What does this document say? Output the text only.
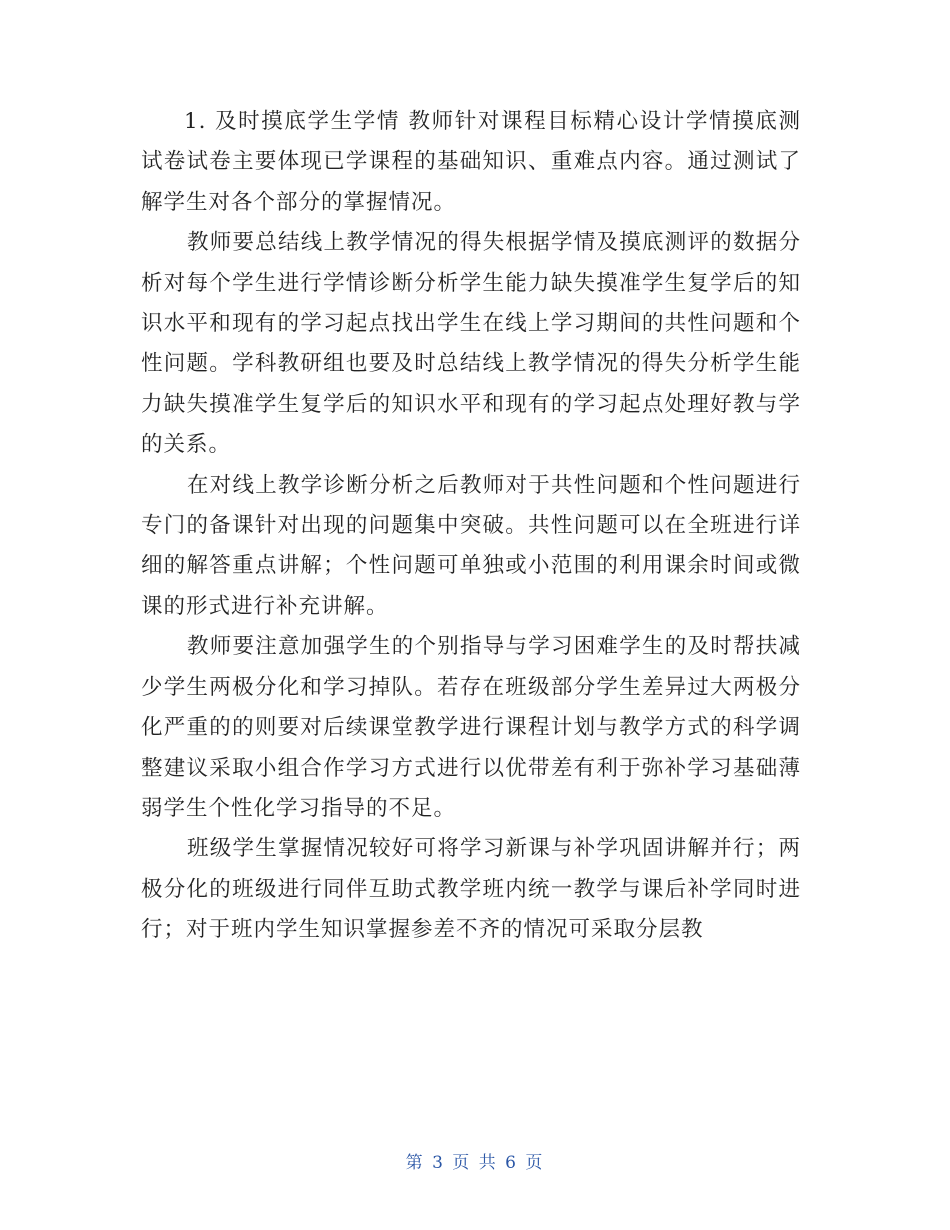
1. 及时摸底学生学情 教师针对课程目标精心设计学情摸底测试卷试卷主要体现已学课程的基础知识、重难点内容。通过测试了解学生对各个部分的掌握情况。

教师要总结线上教学情况的得失根据学情及摸底测评的数据分析对每个学生进行学情诊断分析学生能力缺失摸准学生复学后的知识水平和现有的学习起点找出学生在线上学习期间的共性问题和个性问题。学科教研组也要及时总结线上教学情况的得失分析学生能力缺失摸准学生复学后的知识水平和现有的学习起点处理好教与学的关系。

在对线上教学诊断分析之后教师对于共性问题和个性问题进行专门的备课针对出现的问题集中突破。共性问题可以在全班进行详细的解答重点讲解；个性问题可单独或小范围的利用课余时间或微课的形式进行补充讲解。

教师要注意加强学生的个别指导与学习困难学生的及时帮扶减少学生两极分化和学习掉队。若存在班级部分学生差异过大两极分化严重的的则要对后续课堂教学进行课程计划与教学方式的科学调整建议采取小组合作学习方式进行以优带差有利于弥补学习基础薄弱学生个性化学习指导的不足。

班级学生掌握情况较好可将学习新课与补学巩固讲解并行；两极分化的班级进行同伴互助式教学班内统一教学与课后补学同时进行；对于班内学生知识掌握参差不齐的情况可采取分层教

第 3 页 共 6 页
